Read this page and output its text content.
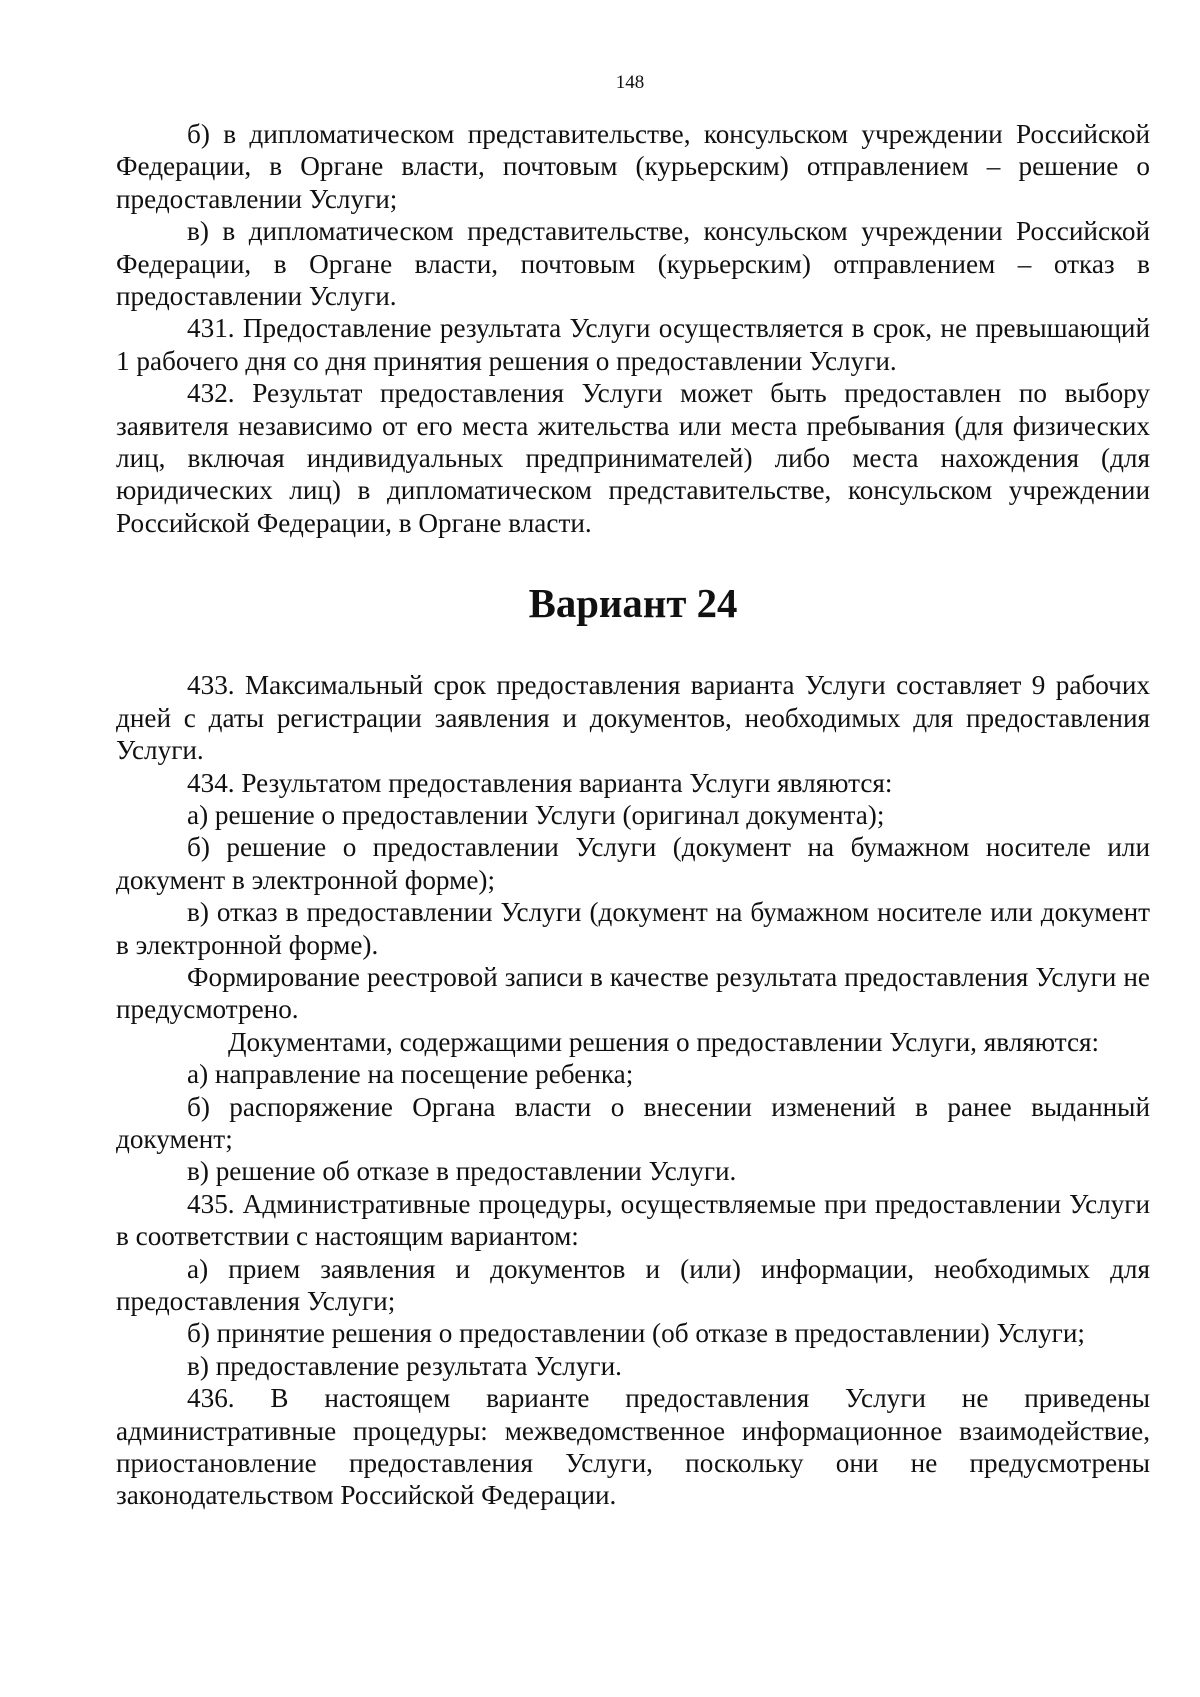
148

б) в дипломатическом представительстве, консульском учреждении Российской Федерации, в Органе власти, почтовым (курьерским) отправлением – решение о предоставлении Услуги;

в) в дипломатическом представительстве, консульском учреждении Российской Федерации, в Органе власти, почтовым (курьерским) отправлением – отказ в предоставлении Услуги.

431. Предоставление результата Услуги осуществляется в срок, не превышающий 1 рабочего дня со дня принятия решения о предоставлении Услуги.

432. Результат предоставления Услуги может быть предоставлен по выбору заявителя независимо от его места жительства или места пребывания (для физических лиц, включая индивидуальных предпринимателей) либо места нахождения (для юридических лиц) в дипломатическом представительстве, консульском учреждении Российской Федерации, в Органе власти.

Вариант 24

433. Максимальный срок предоставления варианта Услуги составляет 9 рабочих дней с даты регистрации заявления и документов, необходимых для предоставления Услуги.

434. Результатом предоставления варианта Услуги являются:

а) решение о предоставлении Услуги (оригинал документа);

б) решение о предоставлении Услуги (документ на бумажном носителе или документ в электронной форме);

в) отказ в предоставлении Услуги (документ на бумажном носителе или документ в электронной форме).

Формирование реестровой записи в качестве результата предоставления Услуги не предусмотрено.

Документами, содержащими решения о предоставлении Услуги, являются:

а) направление на посещение ребенка;

б) распоряжение Органа власти о внесении изменений в ранее выданный документ;

в) решение об отказе в предоставлении Услуги.

435. Административные процедуры, осуществляемые при предоставлении Услуги в соответствии с настоящим вариантом:

а) прием заявления и документов и (или) информации, необходимых для предоставления Услуги;

б) принятие решения о предоставлении (об отказе в предоставлении) Услуги;

в) предоставление результата Услуги.

436. В настоящем варианте предоставления Услуги не приведены административные процедуры: межведомственное информационное взаимодействие, приостановление предоставления Услуги, поскольку они не предусмотрены законодательством Российской Федерации.
